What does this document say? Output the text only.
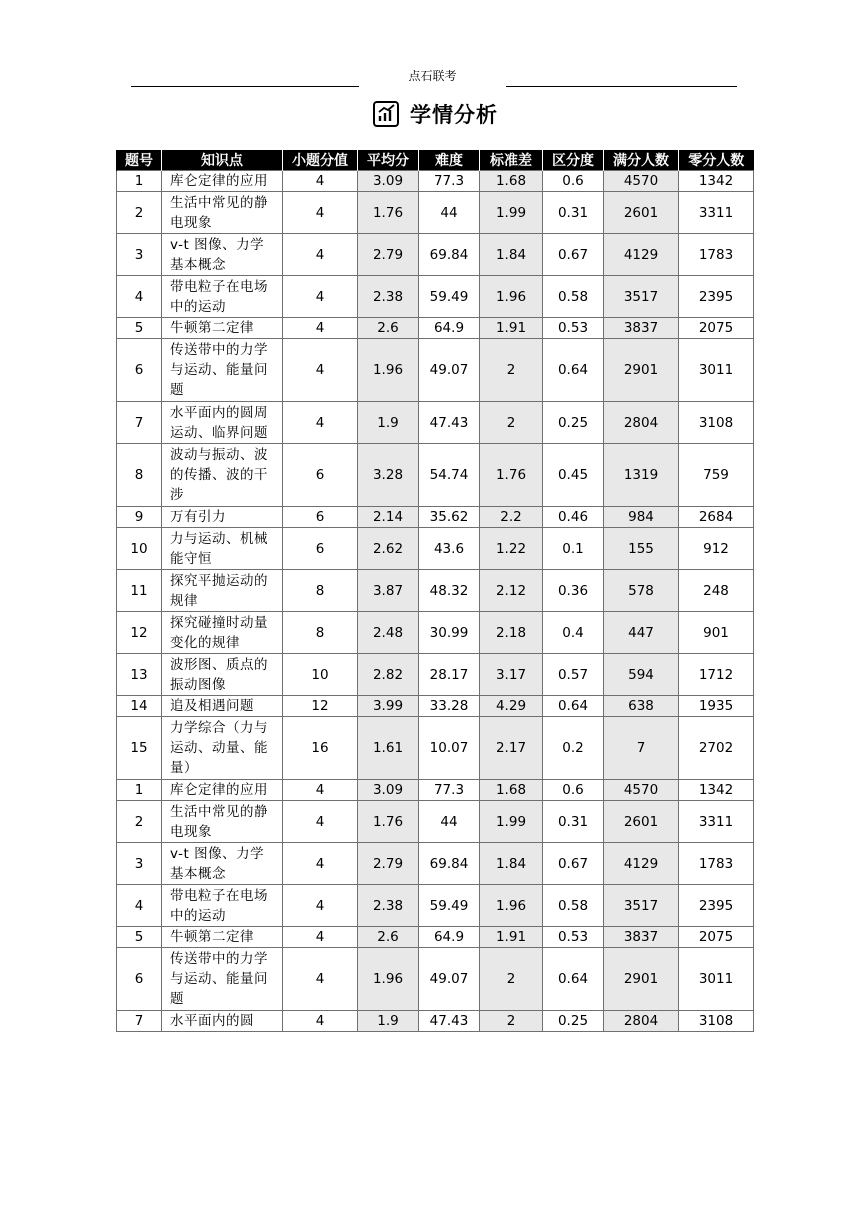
点石联考
学情分析
题号	知识点	小题分值	平均分	难度	标准差	区分度	满分人数	零分人数
1	库仑定律的应用	4	3.09	77.3	1.68	0.6	4570	1342
2	生活中常见的静电现象	4	1.76	44	1.99	0.31	2601	3311
3	v-t 图像、力学基本概念	4	2.79	69.84	1.84	0.67	4129	1783
4	带电粒子在电场中的运动	4	2.38	59.49	1.96	0.58	3517	2395
5	牛顿第二定律	4	2.6	64.9	1.91	0.53	3837	2075
6	传送带中的力学与运动、能量问题	4	1.96	49.07	2	0.64	2901	3011
7	水平面内的圆周运动、临界问题	4	1.9	47.43	2	0.25	2804	3108
8	波动与振动、波的传播、波的干涉	6	3.28	54.74	1.76	0.45	1319	759
9	万有引力	6	2.14	35.62	2.2	0.46	984	2684
10	力与运动、机械能守恒	6	2.62	43.6	1.22	0.1	155	912
11	探究平抛运动的规律	8	3.87	48.32	2.12	0.36	578	248
12	探究碰撞时动量变化的规律	8	2.48	30.99	2.18	0.4	447	901
13	波形图、质点的振动图像	10	2.82	28.17	3.17	0.57	594	1712
14	追及相遇问题	12	3.99	33.28	4.29	0.64	638	1935
15	力学综合（力与运动、动量、能量）	16	1.61	10.07	2.17	0.2	7	2702
1	库仑定律的应用	4	3.09	77.3	1.68	0.6	4570	1342
2	生活中常见的静电现象	4	1.76	44	1.99	0.31	2601	3311
3	v-t 图像、力学基本概念	4	2.79	69.84	1.84	0.67	4129	1783
4	带电粒子在电场中的运动	4	2.38	59.49	1.96	0.58	3517	2395
5	牛顿第二定律	4	2.6	64.9	1.91	0.53	3837	2075
6	传送带中的力学与运动、能量问题	4	1.96	49.07	2	0.64	2901	3011
7	水平面内的圆	4	1.9	47.43	2	0.25	2804	3108
